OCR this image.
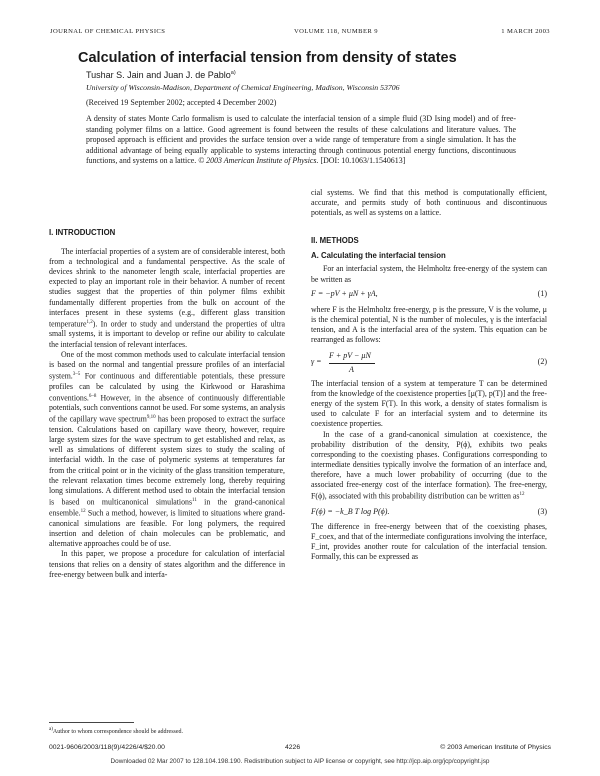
JOURNAL OF CHEMICAL PHYSICS	VOLUME 118, NUMBER 9	1 MARCH 2003
Calculation of interfacial tension from density of states
Tushar S. Jain and Juan J. de Pablo$^{a)}$
University of Wisconsin-Madison, Department of Chemical Engineering, Madison, Wisconsin 53706
(Received 19 September 2002; accepted 4 December 2002)
A density of states Monte Carlo formalism is used to calculate the interfacial tension of a simple fluid (3D Ising model) and of free-standing polymer films on a lattice. Good agreement is found between the results of these calculations and literature values. The proposed approach is efficient and provides the surface tension over a wide range of temperature from a single simulation. It has the additional advantage of being equally applicable to systems interacting through continuous potential energy functions, discontinuous functions, and systems on a lattice. © 2003 American Institute of Physics. [DOI: 10.1063/1.1540613]
I. INTRODUCTION

The interfacial properties of a system are of considerable interest, both from a technological and a fundamental perspective. As the scale of devices shrink to the nanometer length scale, interfacial properties are expected to play an important role in their behavior. A number of recent studies suggest that the properties of thin polymer films exhibit fundamentally different properties from the bulk on account of the interfaces present in these systems (e.g., different glass transition temperature$^{1,2}$). In order to study and understand the properties of ultra small systems, it is important to develop or refine our ability to calculate the interfacial tension of relevant interfaces.

One of the most common methods used to calculate interfacial tension is based on the normal and tangential pressure profiles of an interfacial system.$^{3-5}$ For continuous and differentiable potentials, these pressure profiles can be calculated by using the Kirkwood or Harashima conventions.$^{6-8}$ However, in the absence of continuously differentiable potentials, such conventions cannot be used. For some systems, an analysis of the capillary wave spectrum$^{9,10}$ has been proposed to extract the surface tension. Calculations based on capillary wave theory, however, require large system sizes for the wave spectrum to get established and relax, as well as simulations of different system sizes to study the scaling of interfacial width. In the case of polymeric systems at temperatures far from the critical point or in the vicinity of the glass transition temperature, the relevant relaxation times become extremely long, thereby requiring long simulations. A different method used to obtain the interfacial tension is based on multicanonical simulations$^{11}$ in the grand-canonical ensemble.$^{12}$ Such a method, however, is limited to situations where grand-canonical simulations are feasible. For long polymers, the required insertion and deletion of chain molecules can be problematic, and alternative approaches could be of use.

In this paper, we propose a procedure for calculation of interfacial tensions that relies on a density of states algorithm and the difference in free-energy between bulk and interfa-

cial systems. We find that this method is computationally efficient, accurate, and permits study of both continuous and discontinuous potentials, as well as systems on a lattice.

II. METHODS
A. Calculating the interfacial tension

For an interfacial system, the Helmholtz free-energy of the system can be written as

F = −pV + μN + γA,	(1)

where F is the Helmholtz free-energy, p is the pressure, V is the volume, μ is the chemical potential, N is the number of molecules, γ is the interfacial tension, and A is the interfacial area of the system. This equation can be rearranged as follows:

γ =
F + pV − μN
A
(2)

The interfacial tension of a system at temperature T can be determined from the knowledge of the coexistence properties [μ(T), p(T)] and the free-energy of the system F(T). In this work, a density of states formalism is used to calculate F for an interfacial system and to determine its coexistence properties.

In the case of a grand-canonical simulation at coexistence, the probability distribution of the density, P(ϕ), exhibits two peaks corresponding to the coexisting phases. Configurations corresponding to intermediate densities typically involve the formation of an interface and, therefore, have a much lower probability of occurring (due to the associated free-energy cost of the interface formation). The free-energy, F(ϕ), associated with this probability distribution can be written $as^{12}$

F(ϕ) = −k_B T log P(ϕ).	(3)

The difference in free-energy between that of the coexisting phases, F_coex, and that of the intermediate configurations involving the interface, F_int, provides another route for calculation of the interfacial tension. Formally, this can be expressed as

$^{a)}$Author to whom correspondence should be addressed.
0021-9606/2003/118(9)/4226/4/$20.00	4226	© 2003 American Institute of Physics
Downloaded 02 Mar 2007 to 128.104.198.190. Redistribution subject to AIP license or copyright, see http://jcp.aip.org/jcp/copyright.jsp
